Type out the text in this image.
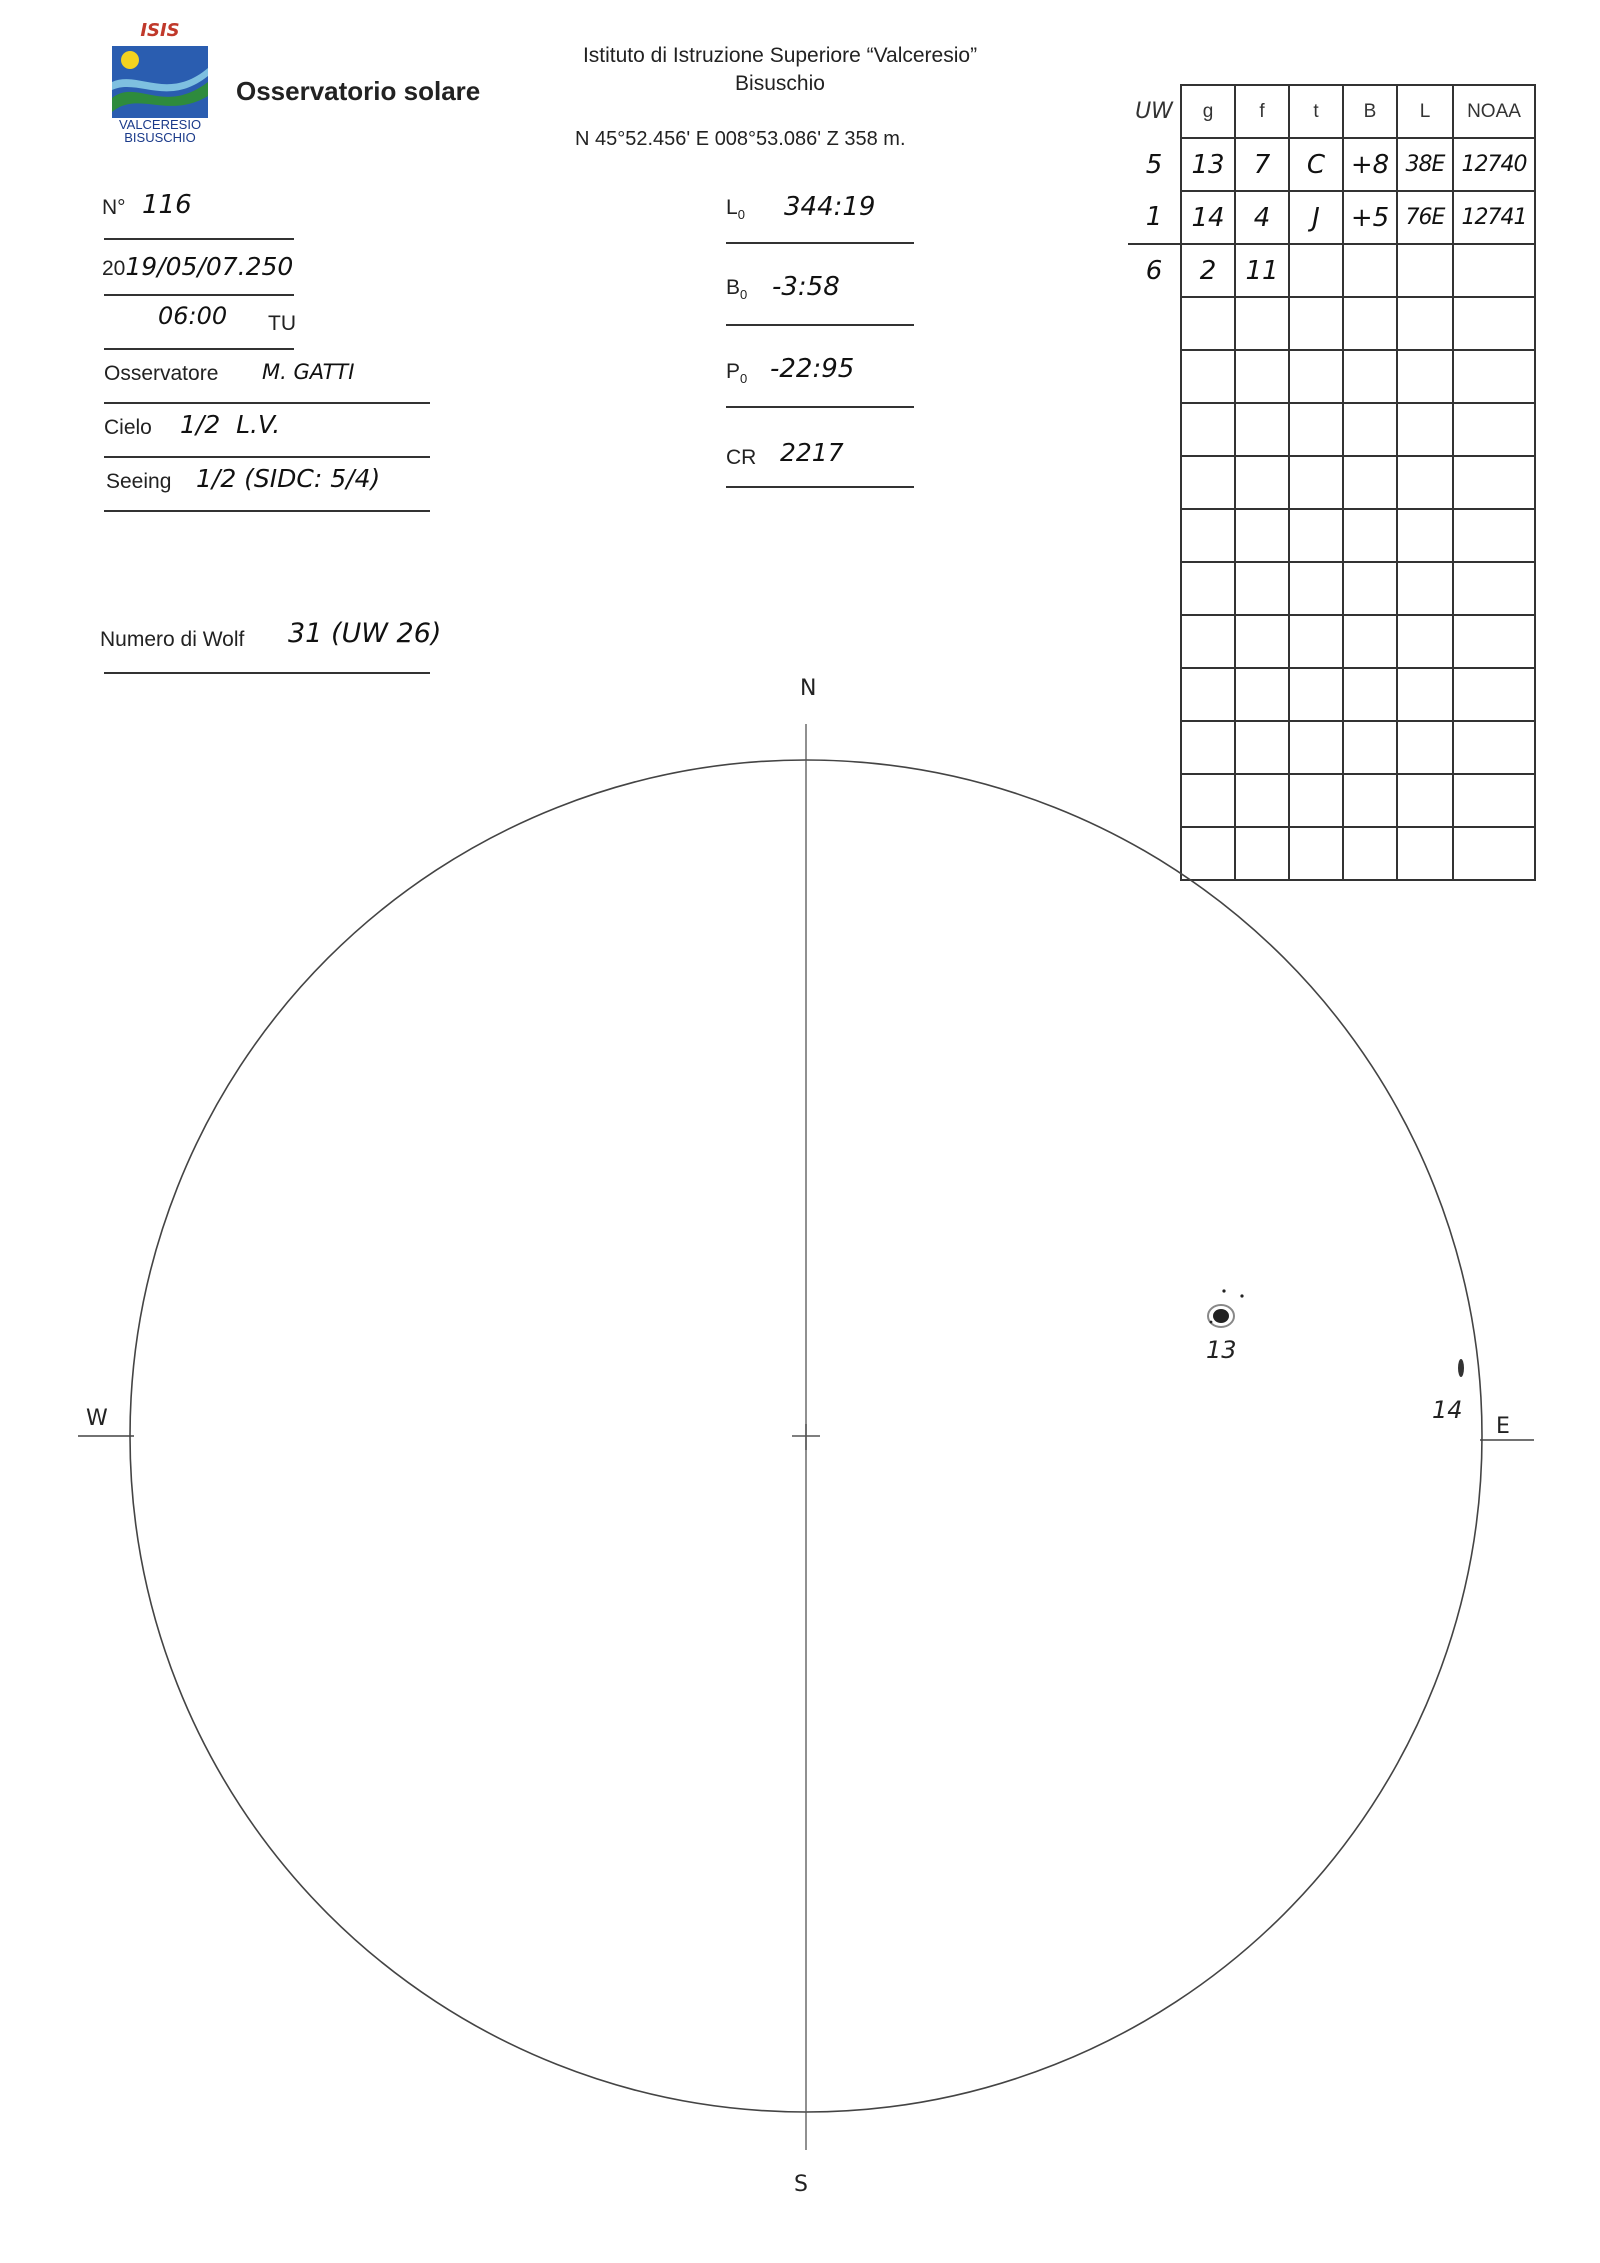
ISIS
VALCERESIO
BISUSCHIO
Osservatorio solare
Istituto di Istruzione Superiore “Valceresio”
Bisuschio
N 45°52.456' E 008°53.086' Z 358 m.
N° 116
2019/05/07.250
06:00 TU
Osservatore M. GATTI
Cielo 1/2  L.V.
Seeing 1/2 (SIDC: 5/4)
Numero di Wolf 31 (UW 26)
$L_0$ 344:19
$B_0$ -3:58
$P_0$ -22:95
CR 2217
UW	g	f	t	B	L	NOAA
5	13	7	C	+8	38E	12740
1	14	4	J	+5	76E	12741
6	2	11				

N
S
E
W
13
14
